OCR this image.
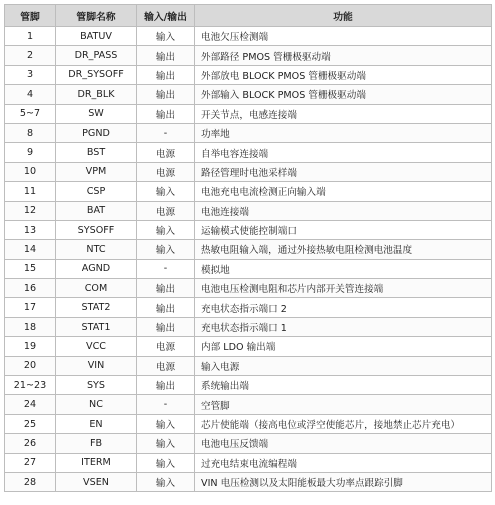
管脚	管脚名称	输入/输出	功能
1	BATUV	输入	电池欠压检测端
2	DR_PASS	输出	外部路径 PMOS 管栅极驱动端
3	DR_SYSOFF	输出	外部放电 BLOCK PMOS 管栅极驱动端
4	DR_BLK	输出	外部输入 BLOCK PMOS 管栅极驱动端
5~7	SW	输出	开关节点，电感连接端
8	PGND	-	功率地
9	BST	电源	自举电容连接端
10	VPM	电源	路径管理时电池采样端
11	CSP	输入	电池充电电流检测正向输入端
12	BAT	电源	电池连接端
13	SYSOFF	输入	运输模式使能控制端口
14	NTC	输入	热敏电阻输入端，通过外接热敏电阻检测电池温度
15	AGND	-	模拟地
16	COM	输出	电池电压检测电阻和芯片内部开关管连接端
17	STAT2	输出	充电状态指示端口 2
18	STAT1	输出	充电状态指示端口 1
19	VCC	电源	内部 LDO 输出端
20	VIN	电源	输入电源
21~23	SYS	输出	系统输出端
24	NC	-	空管脚
25	EN	输入	芯片使能端（接高电位或浮空使能芯片，接地禁止芯片充电）
26	FB	输入	电池电压反馈端
27	ITERM	输入	过充电结束电流编程端
28	VSEN	输入	VIN 电压检测以及太阳能板最大功率点跟踪引脚
